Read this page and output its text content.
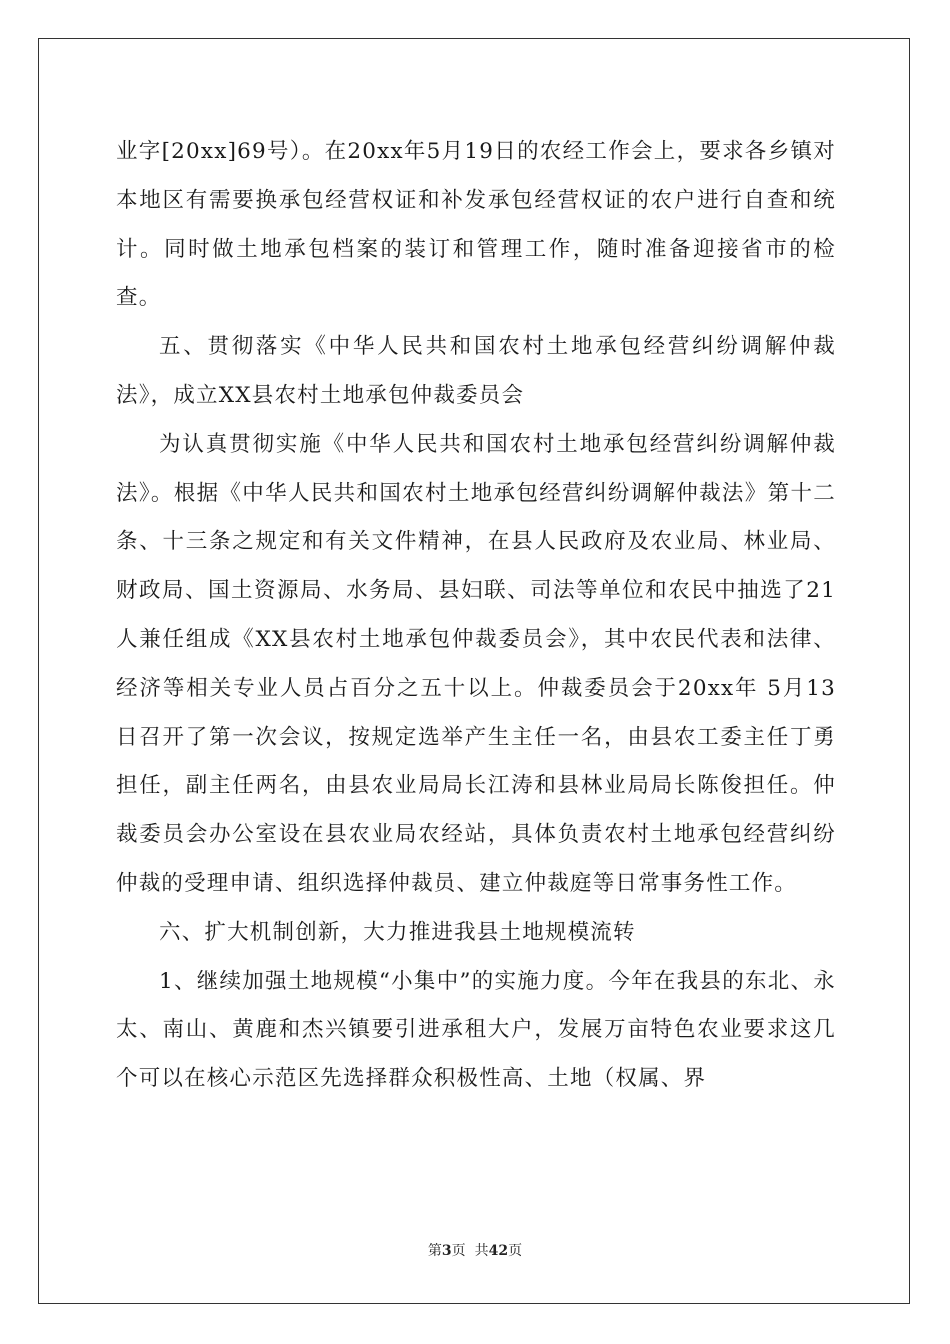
业字[20xx]69号）。在20xx年5月19日的农经工作会上，要求各乡镇对本地区有需要换承包经营权证和补发承包经营权证的农户进行自查和统计。同时做土地承包档案的装订和管理工作，随时准备迎接省市的检查。

五、贯彻落实《中华人民共和国农村土地承包经营纠纷调解仲裁法》，成立XX县农村土地承包仲裁委员会

为认真贯彻实施《中华人民共和国农村土地承包经营纠纷调解仲裁法》。根据《中华人民共和国农村土地承包经营纠纷调解仲裁法》第十二条、十三条之规定和有关文件精神，在县人民政府及农业局、林业局、财政局、国土资源局、水务局、县妇联、司法等单位和农民中抽选了21人兼任组成《XX县农村土地承包仲裁委员会》，其中农民代表和法律、经济等相关专业人员占百分之五十以上。仲裁委员会于20xx年 5月13日召开了第一次会议，按规定选举产生主任一名，由县农工委主任丁勇担任，副主任两名，由县农业局局长江涛和县林业局局长陈俊担任。仲裁委员会办公室设在县农业局农经站，具体负责农村土地承包经营纠纷仲裁的受理申请、组织选择仲裁员、建立仲裁庭等日常事务性工作。

六、扩大机制创新，大力推进我县土地规模流转

1、继续加强土地规模“小集中”的实施力度。今年在我县的东北、永太、南山、黄鹿和杰兴镇要引进承租大户，发展万亩特色农业要求这几个可以在核心示范区先选择群众积极性高、土地（权属、界

第3页  共42页
